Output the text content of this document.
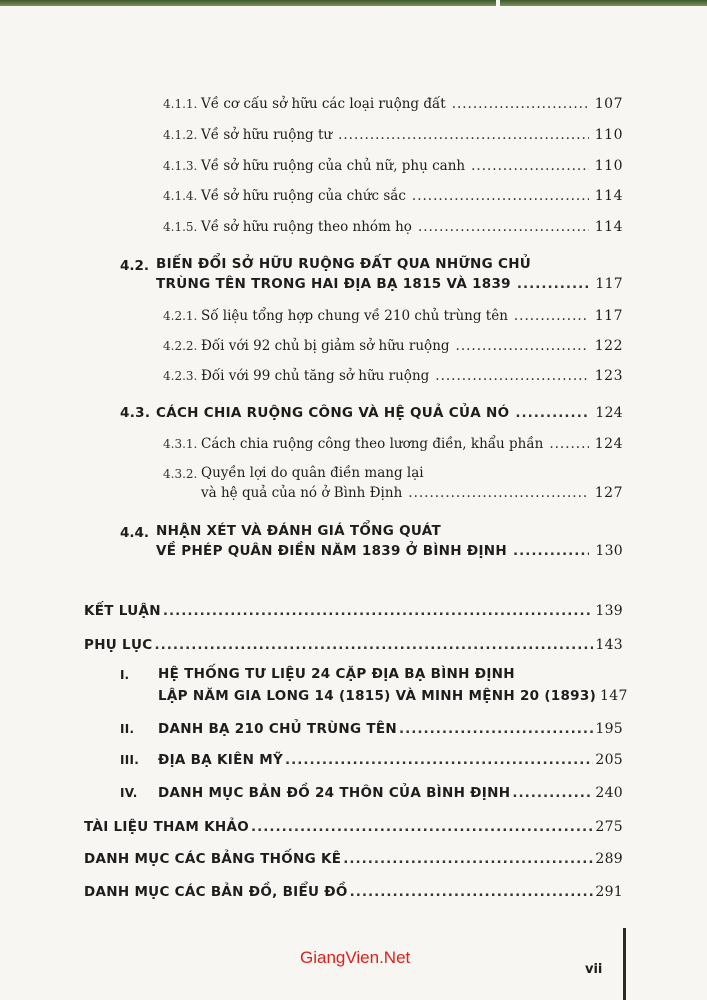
4.1.1. Về cơ cấu sở hữu các loại ruộng đất .....	107
4.1.2. Về sở hữu ruộng tư .....	110
4.1.3. Về sở hữu ruộng của chủ nữ, phụ canh .....	110
4.1.4. Về sở hữu ruộng của chức sắc .....	114
4.1.5. Về sở hữu ruộng theo nhóm họ .....	114
4.2. BIẾN ĐỔI SỞ HỮU RUỘNG ĐẤT QUA NHỮNG CHỦ
TRÙNG TÊN TRONG HAI ĐỊA BẠ 1815 VÀ 1839 .....	117
4.2.1. Số liệu tổng hợp chung về 210 chủ trùng tên .....	117
4.2.2. Đối với 92 chủ bị giảm sở hữu ruộng .....	122
4.2.3. Đối với 99 chủ tăng sở hữu ruộng .....	123
4.3. CÁCH CHIA RUỘNG CÔNG VÀ HỆ QUẢ CỦA NÓ .....	124
4.3.1. Cách chia ruộng công theo lương điền, khẩu phần .....	124
4.3.2. Quyền lợi do quân điền mang lại
và hệ quả của nó ở Bình Định .....	127
4.4. NHẬN XÉT VÀ ĐÁNH GIÁ TỔNG QUÁT
VỀ PHÉP QUÂN ĐIỀN NĂM 1839 Ở BÌNH ĐỊNH .....	130
KẾT LUẬN .....	139
PHỤ LỤC .....	143
I. HỆ THỐNG TƯ LIỆU 24 CẶP ĐỊA BẠ BÌNH ĐỊNH
LẬP NĂM GIA LONG 14 (1815) VÀ MINH MỆNH 20 (1893) 147
II.	DANH BẠ 210 CHỦ TRÙNG TÊN .....	195
III.	ĐỊA BẠ KIÊN MỸ .....	205
IV.	DANH MỤC BẢN ĐỒ 24 THÔN CỦA BÌNH ĐỊNH .....	240
TÀI LIỆU THAM KHẢO .....	275
DANH MỤC CÁC BẢNG THỐNG KÊ .....	289
DANH MỤC CÁC BẢN ĐỒ, BIỂU ĐỒ .....	291
GiangVien.Net
vii
